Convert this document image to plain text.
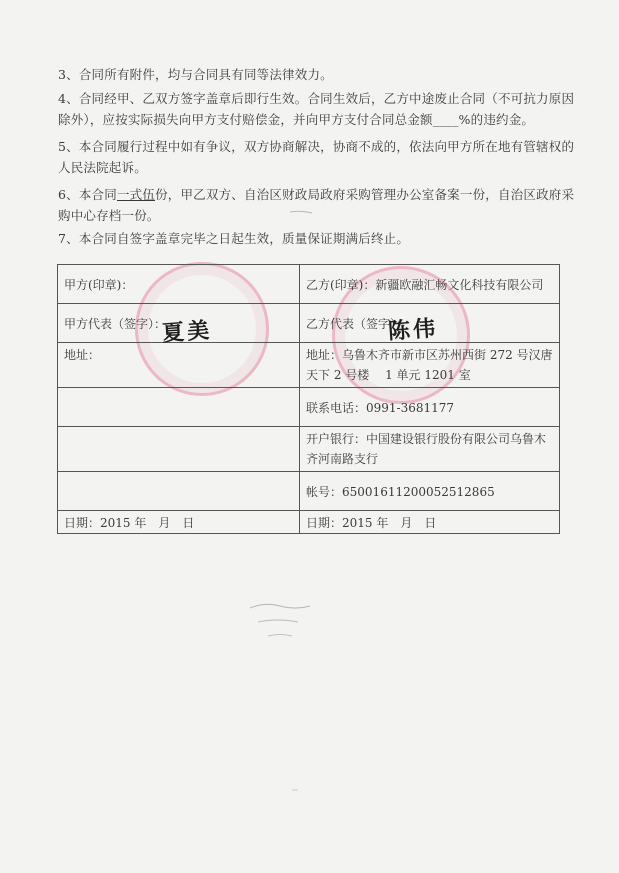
3、合同所有附件，均与合同具有同等法律效力。

4、合同经甲、乙双方签字盖章后即行生效。合同生效后，乙方中途废止合同（不可抗力原因除外），应按实际损失向甲方支付赔偿金，并向甲方支付合同总金额____%的违约金。

5、本合同履行过程中如有争议，双方协商解决，协商不成的，依法向甲方所在地有管辖权的人民法院起诉。

6、本合同一式伍份，甲乙双方、自治区财政局政府采购管理办公室备案一份，自治区政府采购中心存档一份。

7、本合同自签字盖章完毕之日起生效，质量保证期满后终止。

甲方(印章)：	乙方(印章)：新疆欧融汇畅文化科技有限公司
甲方代表（签字）：	乙方代表（签字）：
地址：	地址：乌鲁木齐市新市区苏州西街 272 号汉唐天下 2 号楼 　1 单元 1201 室
	联系电话：0991-3681177
	开户银行：中国建设银行股份有限公司乌鲁木齐河南路支行
	帐号：65001611200052512865
日期：2015 年　月　日	日期：2015 年　月　日
夏美	陈伟
